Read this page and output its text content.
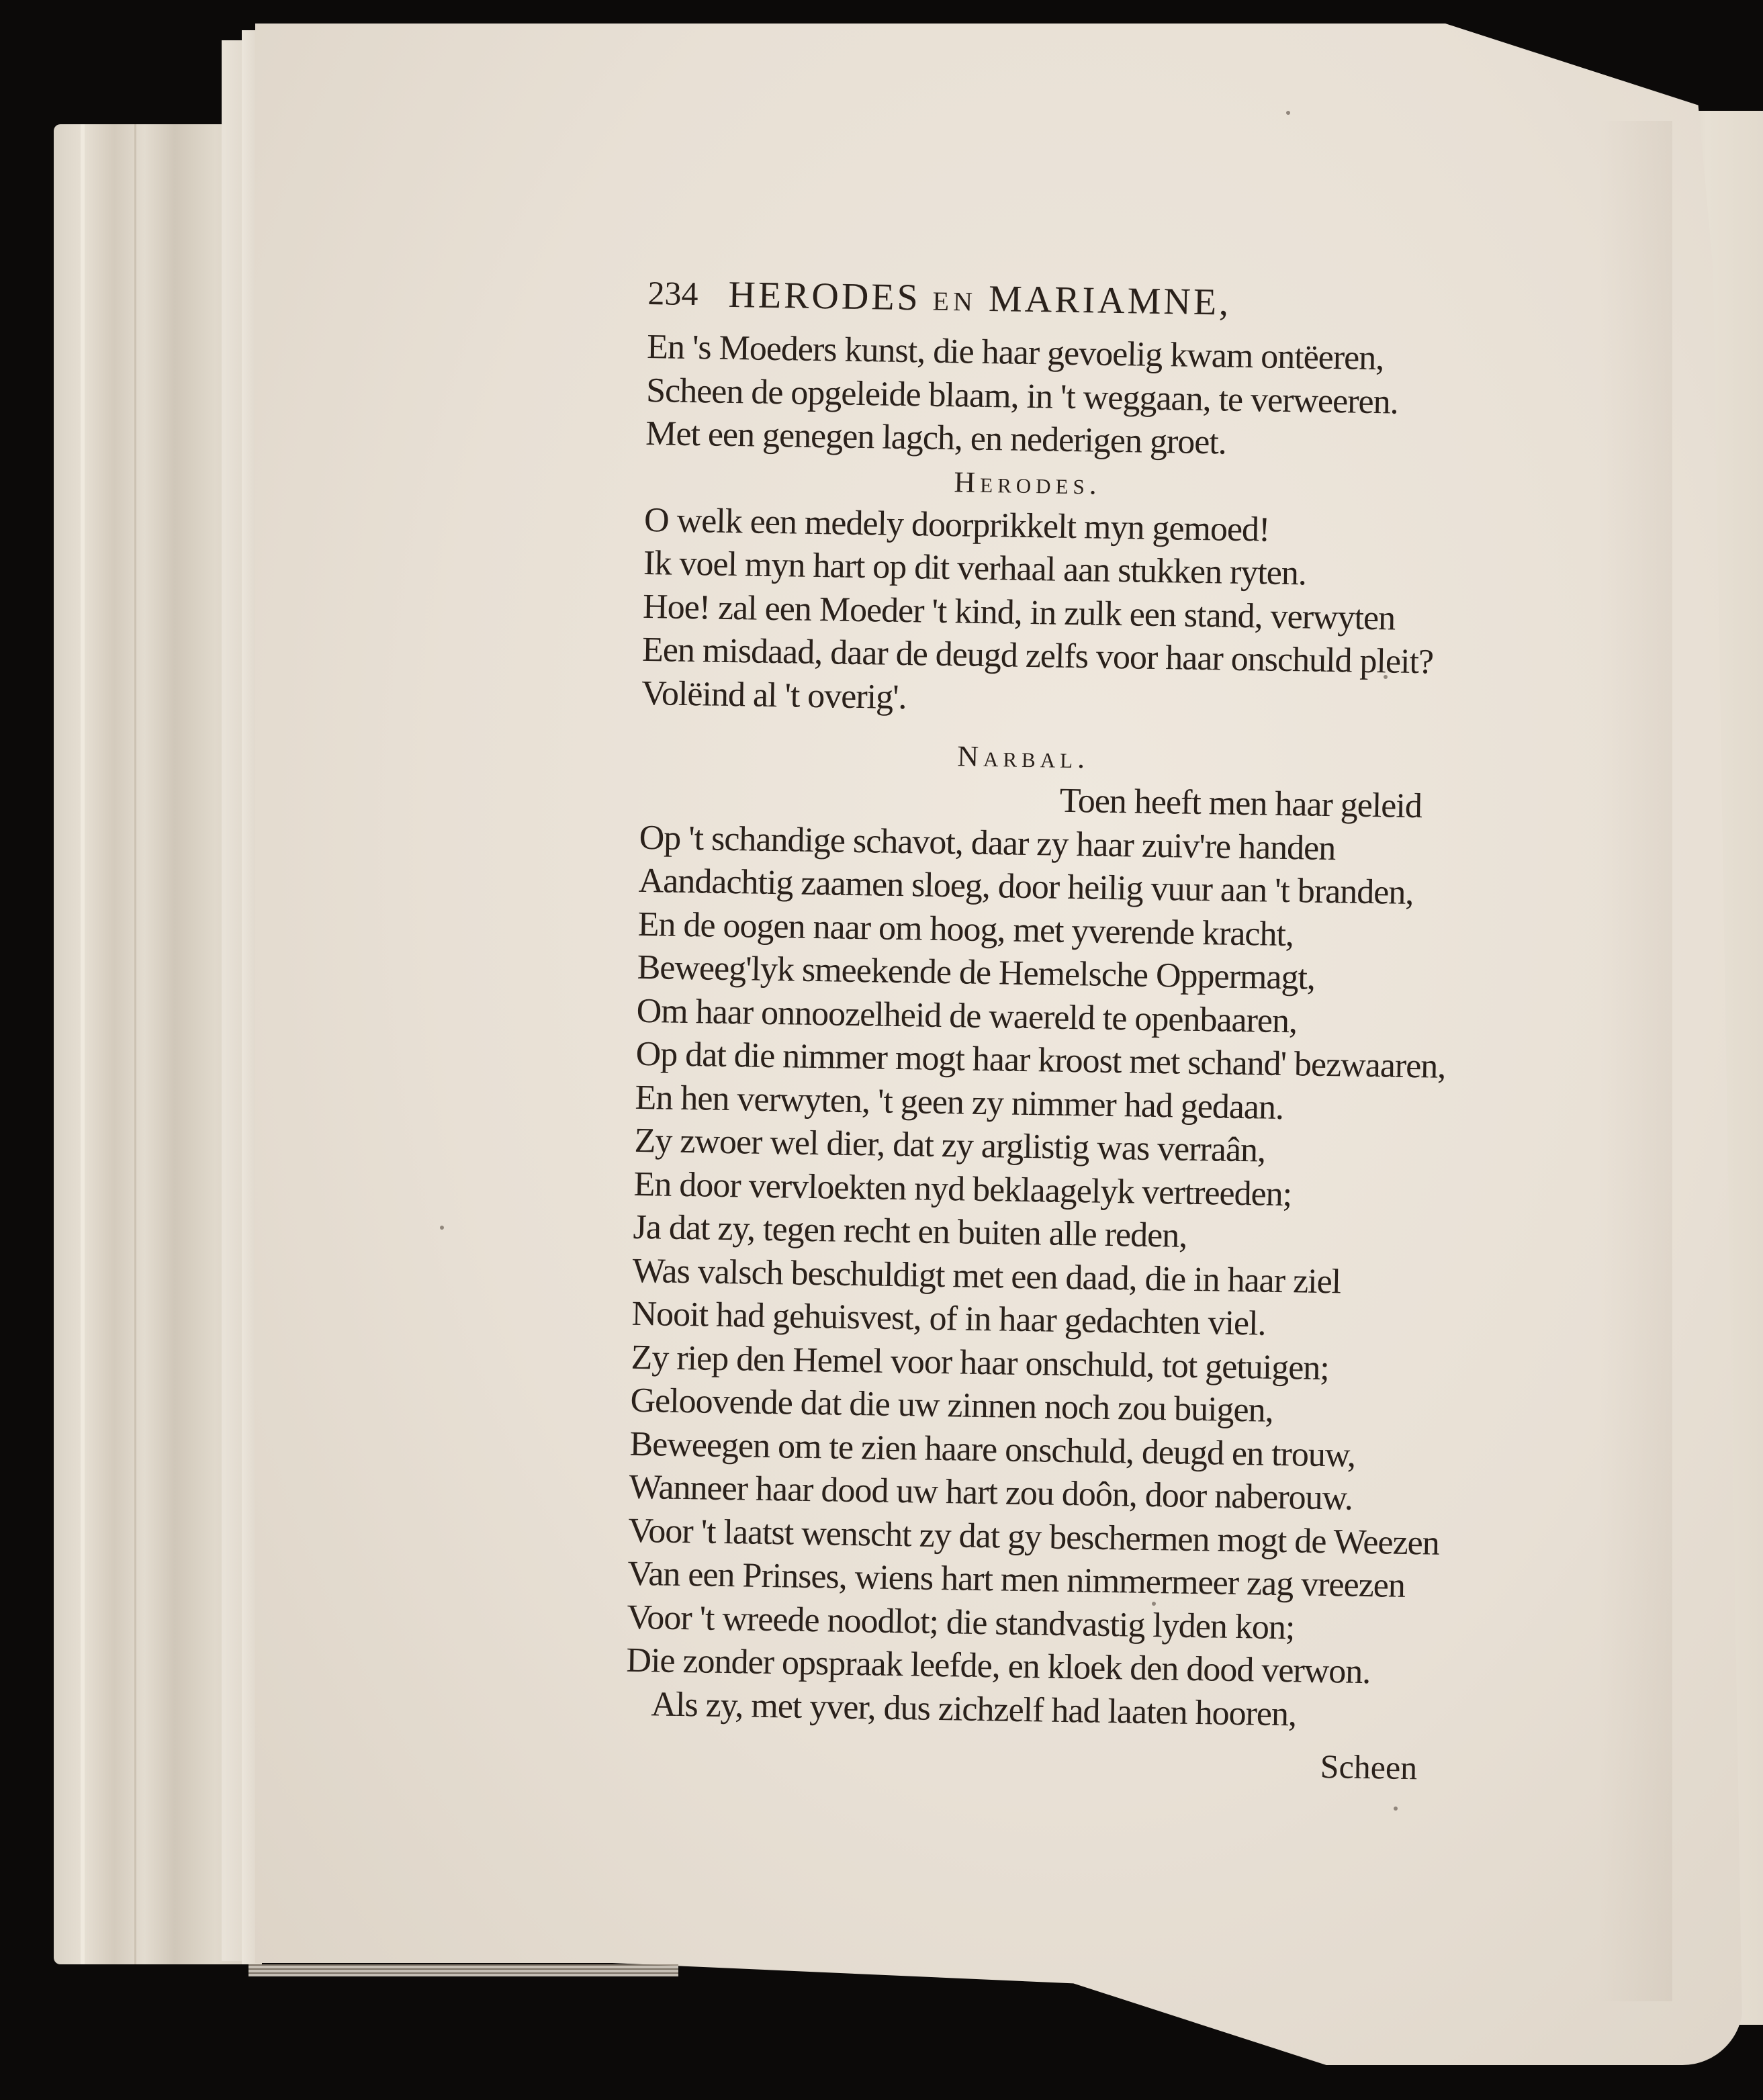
234 HERODES EN MARIAMNE,
En 's Moeders kunst, die haar gevoelig kwam ontëeren,
Scheen de opgeleide blaam, in 't weggaan, te verweeren.
Met een genegen lagch, en nederigen groet.
Herodes.
O welk een medely doorprikkelt myn gemoed!
Ik voel myn hart op dit verhaal aan stukken ryten.
Hoe! zal een Moeder 't kind, in zulk een stand, verwyten
Een misdaad, daar de deugd zelfs voor haar onschuld pleit?
Volëind al 't overig'.
Narbal.
Toen heeft men haar geleid
Op 't schandige schavot, daar zy haar zuiv're handen
Aandachtig zaamen sloeg, door heilig vuur aan 't branden,
En de oogen naar om hoog, met yverende kracht,
Beweeg'lyk smeekende de Hemelsche Oppermagt,
Om haar onnoozelheid de waereld te openbaaren,
Op dat die nimmer mogt haar kroost met schand' bezwaaren,
En hen verwyten, 't geen zy nimmer had gedaan.
Zy zwoer wel dier, dat zy arglistig was verraân,
En door vervloekten nyd beklaagelyk vertreeden;
Ja dat zy, tegen recht en buiten alle reden,
Was valsch beschuldigt met een daad, die in haar ziel
Nooit had gehuisvest, of in haar gedachten viel.
Zy riep den Hemel voor haar onschuld, tot getuigen;
Geloovende dat die uw zinnen noch zou buigen,
Beweegen om te zien haare onschuld, deugd en trouw,
Wanneer haar dood uw hart zou doôn, door naberouw.
Voor 't laatst wenscht zy dat gy beschermen mogt de Weezen
Van een Prinses, wiens hart men nimmermeer zag vreezen
Voor 't wreede noodlot; die standvastig lyden kon;
Die zonder opspraak leefde, en kloek den dood verwon.
Als zy, met yver, dus zichzelf had laaten hooren,
Scheen
